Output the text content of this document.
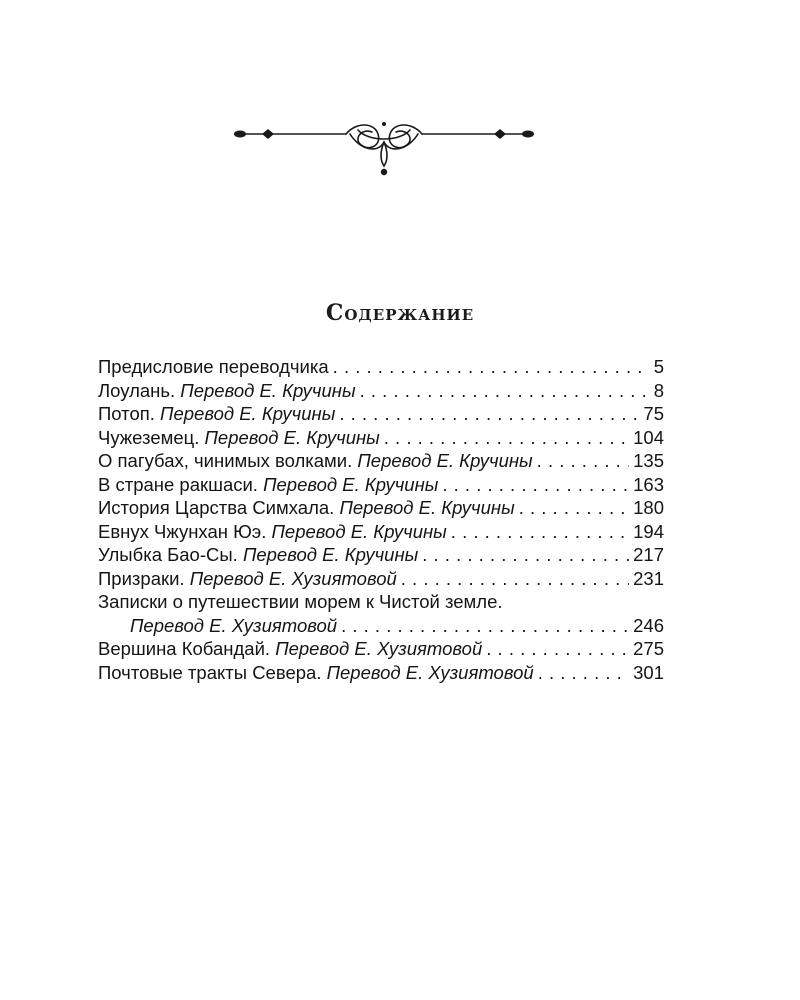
Содержание
Предисловие переводчика . . .	5
Лоулань. Перевод Е. Кручины . . .	8
Потоп. Перевод Е. Кручины . . .	75
Чужеземец. Перевод Е. Кручины . . .	104
О пагубах, чинимых волками. Перевод Е. Кручины . . .	135
В стране ракшаси. Перевод Е. Кручины . . .	163
История Царства Симхала. Перевод Е. Кручины . . .	180
Евнух Чжунхан Юэ. Перевод Е. Кручины . . .	194
Улыбка Бао-Сы. Перевод Е. Кручины . . .	217
Призраки. Перевод Е. Хузиятовой . . .	231
Записки о путешествии морем к Чистой земле.
Перевод Е. Хузиятовой . . .	246
Вершина Кобандай. Перевод Е. Хузиятовой . . .	275
Почтовые тракты Севера. Перевод Е. Хузиятовой . . .	301
